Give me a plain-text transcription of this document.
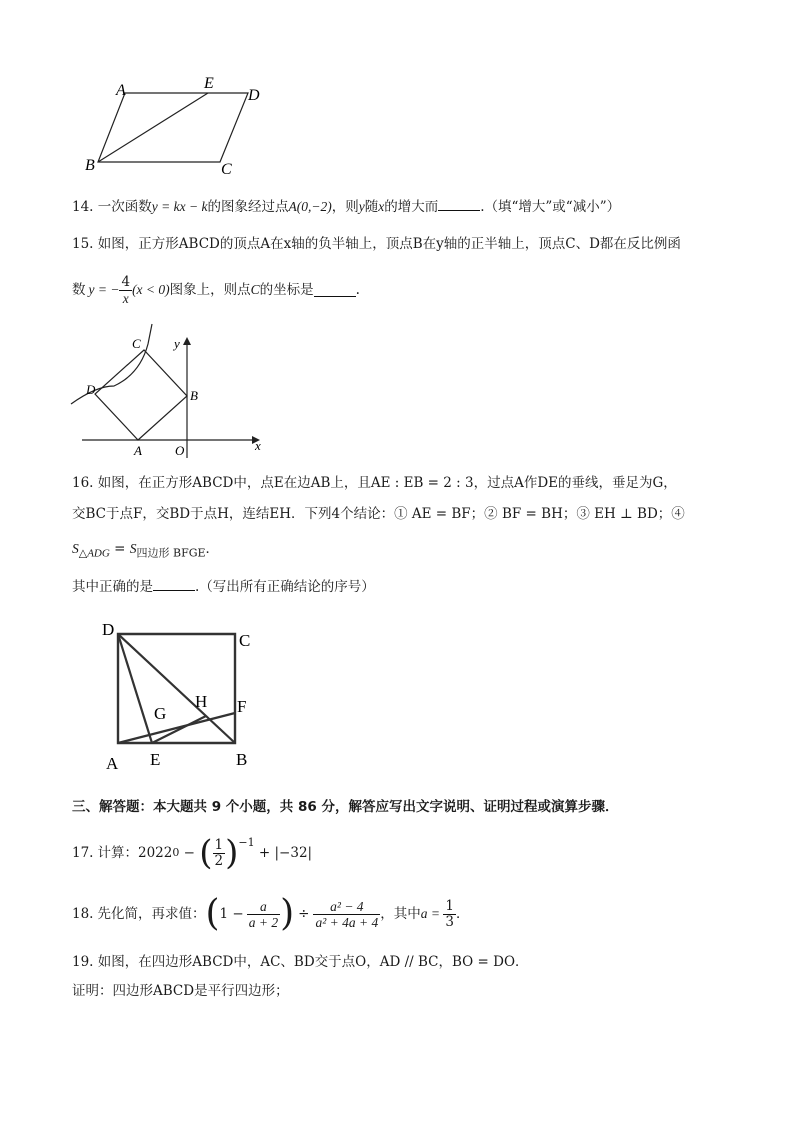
A	E
D
B	C
14. 一次函数y = kx − k的图象经过点A(0,−2)，则y随x的增大而	.（填“增大”或“减小”）
15. 如图，正方形ABCD的顶点A在x轴的负半轴上，顶点B在y轴的正半轴上，顶点C、D都在反比例函
数 y = − $\frac{4}{x} (x < 0)$ 图象上，则点 C 的坐标是	.
C	y
D	B
A	O	x
16. 如图，在正方形ABCD中，点E在边AB上，且AE : EB = 2 : 3，过点A作DE的垂线，垂足为G，
交BC于点F，交BD于点H，连结EH．下列4个结论：① AE = BF；② BF = BH；③ EH ⊥ BD；④
$S_{\triangle ADG} = S_{四边形 BFGE}$．
其中正确的是	.（写出所有正确结论的序号）
D
C
H F
G
A E	B
三、解答题：本大题共 9 个小题，共 86 分，解答应写出文字说明、证明过程或演算步骤．
17. 计算： 2022 0 − ( $\frac{1}{2} )^{-1}$
+ |−32|
18. 先化简，再求值： ( $1 - \frac{a}{a + 2}$ ) ÷ $\frac{\text{a² − 4}}{\text{a² + 4a + 4}}$ ，其中 $a = \frac{1}{3}$ ．
19. 如图，在四边形ABCD中，AC、BD交于点O，AD // BC，BO = DO．
证明：四边形ABCD是平行四边形；
